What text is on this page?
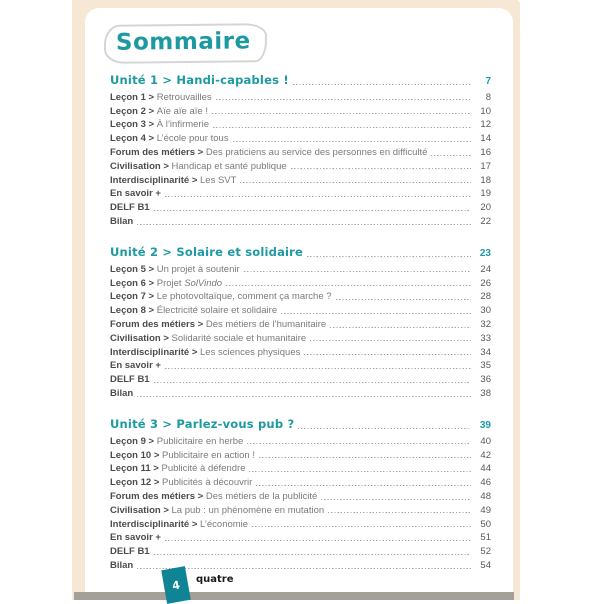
Sommaire
Unité 1 > Handi-capables !	7
Leçon 1 > Retrouvailles	8
Leçon 2 > Aïe aïe aïe !	10
Leçon 3 > À l’infirmerie	12
Leçon 4 > L’école pour tous	14
Forum des métiers > Des praticiens au service des personnes en difficulté	16
Civilisation > Handicap et santé publique	17
Interdisciplinarité > Les SVT	18
En savoir +	19
DELF B1	20
Bilan	22
Unité 2 > Solaire et solidaire	23
Leçon 5 > Un projet à soutenir	24
Leçon 6 > Projet SolVindo	26
Leçon 7 > Le photovoltaïque, comment ça marche ?	28
Leçon 8 > Électricité solaire et solidaire	30
Forum des métiers > Des métiers de l’humanitaire	32
Civilisation > Solidarité sociale et humanitaire	33
Interdisciplinarité > Les sciences physiques	34
En savoir +	35
DELF B1	36
Bilan	38
Unité 3 > Parlez-vous pub ?	39
Leçon 9 > Publicitaire en herbe	40
Leçon 10 > Publicitaire en action !	42
Leçon 11 > Publicité à défendre	44
Leçon 12 > Publicités à découvrir	46
Forum des métiers > Des métiers de la publicité	48
Civilisation > La pub : un phénomène en mutation	49
Interdisciplinarité > L’économie	50
En savoir +	51
DELF B1	52
Bilan	54
4 quatre
